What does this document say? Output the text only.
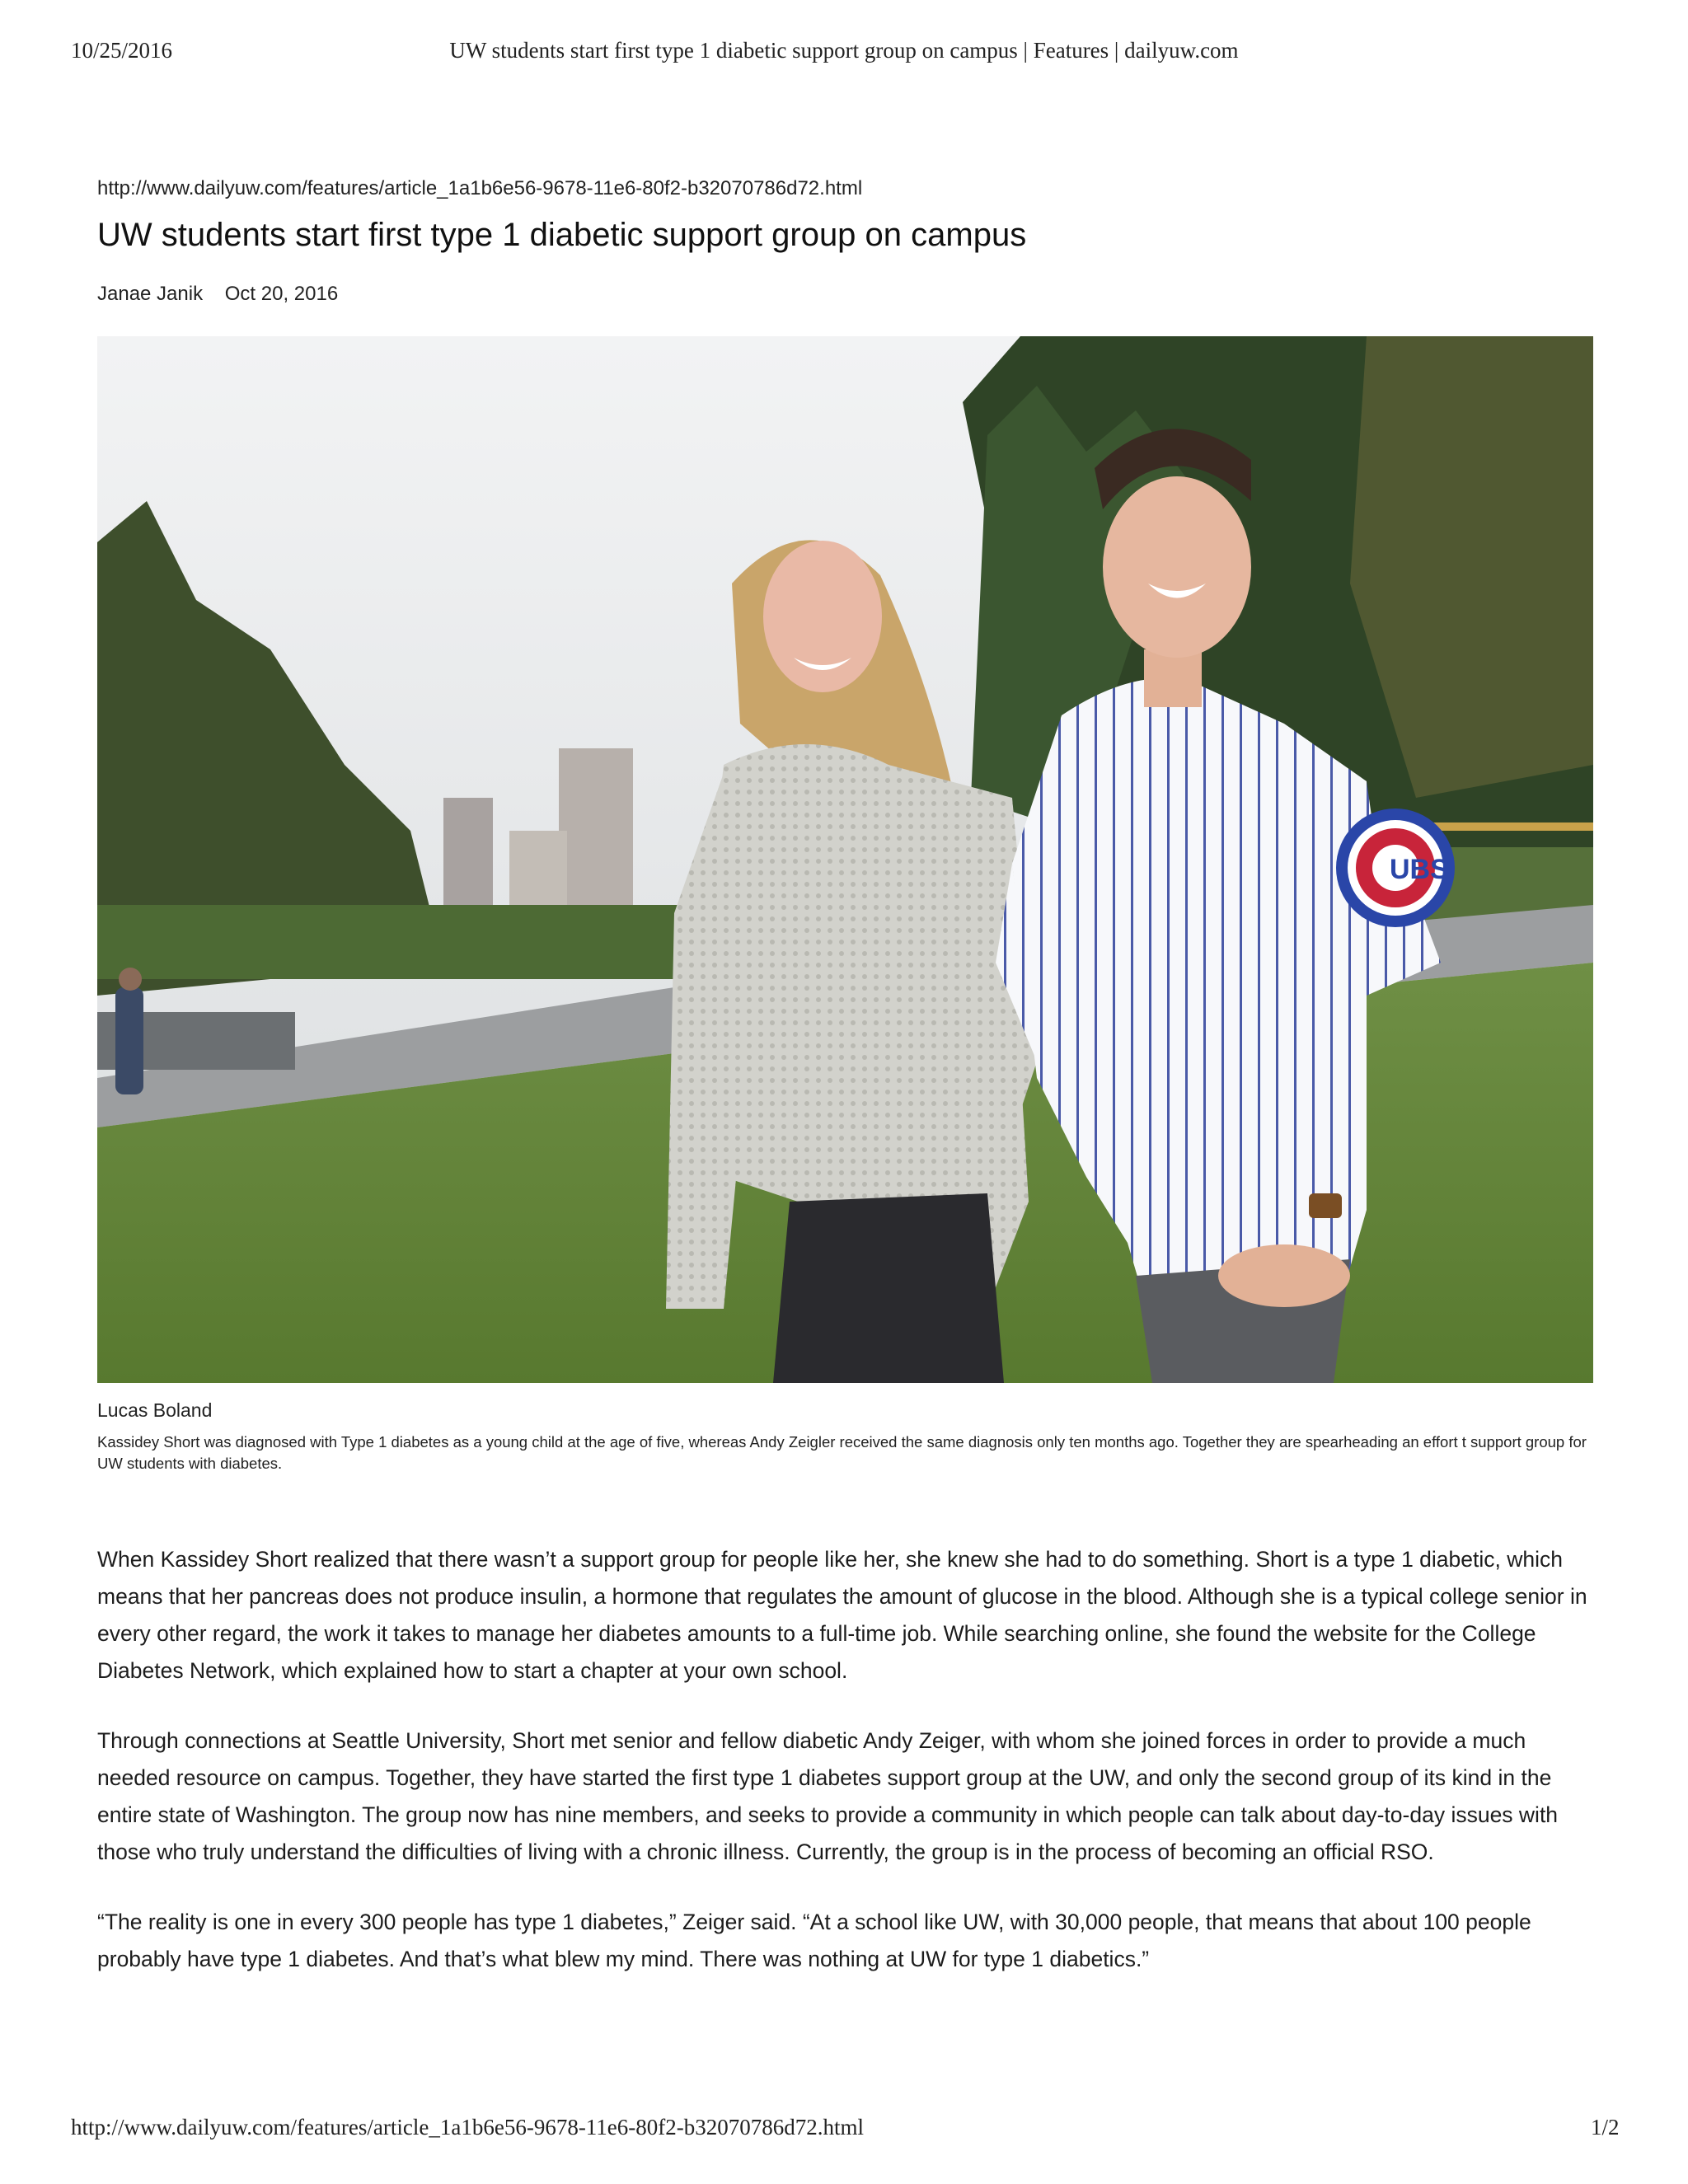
10/25/2016	UW students start first type 1 diabetic support group on campus | Features | dailyuw.com
http://www.dailyuw.com/features/article_1a1b6e56-9678-11e6-80f2-b32070786d72.html
UW students start first type 1 diabetic support group on campus
Janae Janik Oct 20, 2016
UBS
Lucas Boland
Kassidey Short was diagnosed with Type 1 diabetes as a young child at the age of five, whereas Andy Zeigler received the same diagnosis only ten months ago. Together they are spearheading an effort t support group for UW students with diabetes.

When Kassidey Short realized that there wasn’t a support group for people like her, she knew she had to do something. Short is a type 1 diabetic, which means that her pancreas does not produce insulin, a hormone that regulates the amount of glucose in the blood. Although she is a typical college senior in every other regard, the work it takes to manage her diabetes amounts to a full-time job. While searching online, she found the website for the College Diabetes Network, which explained how to start a chapter at your own school.

Through connections at Seattle University, Short met senior and fellow diabetic Andy Zeiger, with whom she joined forces in order to provide a much needed resource on campus. Together, they have started the first type 1 diabetes support group at the UW, and only the second group of its kind in the entire state of Washington. The group now has nine members, and seeks to provide a community in which people can talk about day-to-day issues with those who truly understand the difficulties of living with a chronic illness. Currently, the group is in the process of becoming an official RSO.

“The reality is one in every 300 people has type 1 diabetes,” Zeiger said. “At a school like UW, with 30,000 people, that means that about 100 people probably have type 1 diabetes. And that’s what blew my mind. There was nothing at UW for type 1 diabetics.”

http://www.dailyuw.com/features/article_1a1b6e56-9678-11e6-80f2-b32070786d72.html	1/2
